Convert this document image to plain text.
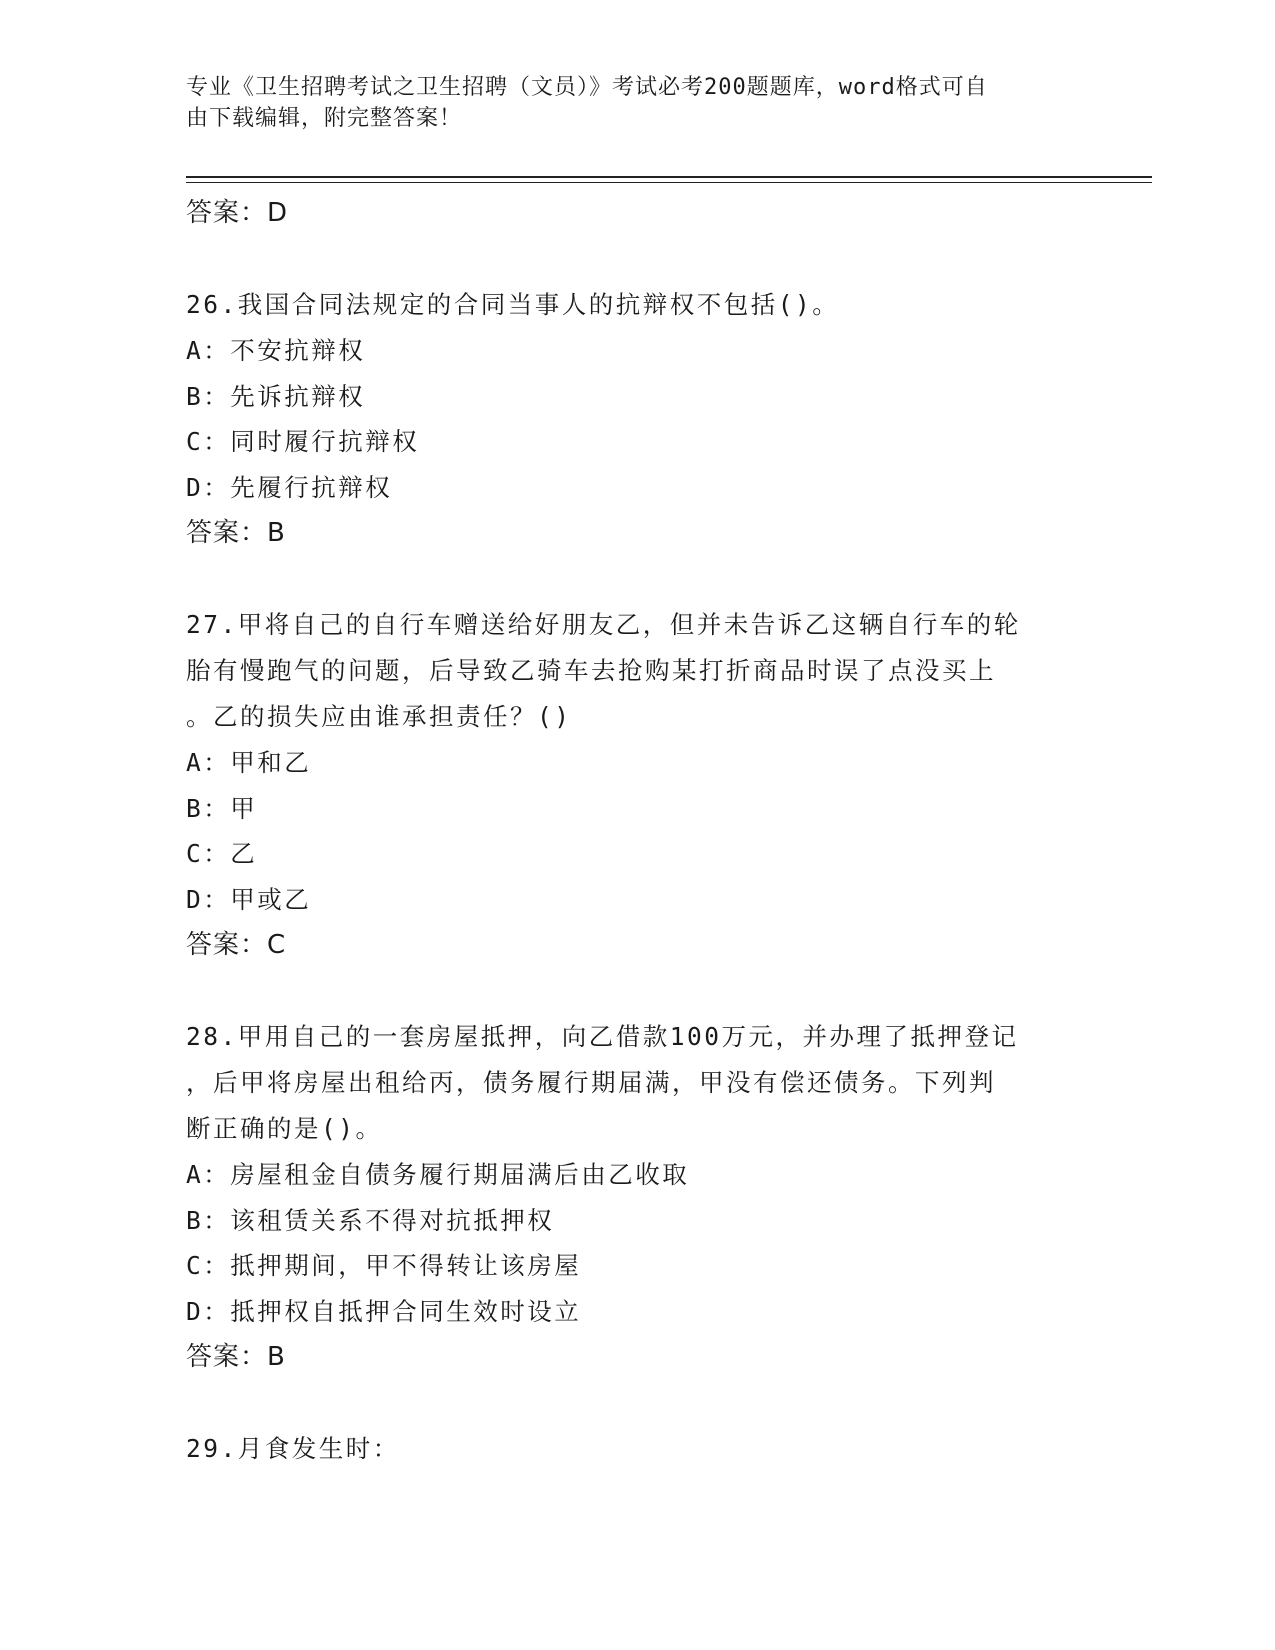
专业《卫生招聘考试之卫生招聘（文员）》考试必考200题题库，word格式可自
由下载编辑，附完整答案！
答案：D
26.我国合同法规定的合同当事人的抗辩权不包括()。
A：不安抗辩权
B：先诉抗辩权
C：同时履行抗辩权
D：先履行抗辩权
答案：B
27.甲将自己的自行车赠送给好朋友乙，但并未告诉乙这辆自行车的轮
胎有慢跑气的问题，后导致乙骑车去抢购某打折商品时误了点没买上
。乙的损失应由谁承担责任？()
A：甲和乙
B：甲
C：乙
D：甲或乙
答案：C
28.甲用自己的一套房屋抵押，向乙借款100万元，并办理了抵押登记
，后甲将房屋出租给丙，债务履行期届满，甲没有偿还债务。下列判
断正确的是()。
A：房屋租金自债务履行期届满后由乙收取
B：该租赁关系不得对抗抵押权
C：抵押期间，甲不得转让该房屋
D：抵押权自抵押合同生效时设立
答案：B
29.月食发生时：
